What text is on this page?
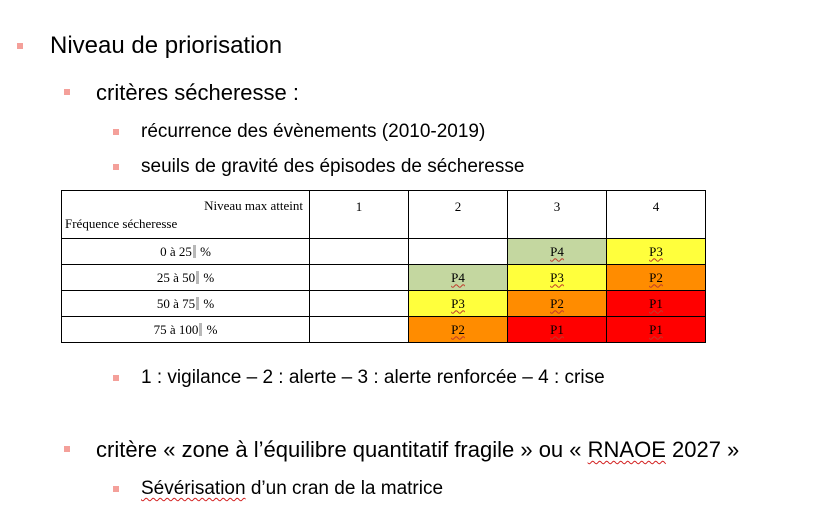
Niveau de priorisation
critères sécheresse :
récurrence des évènements (2010-2019)
seuils de gravité des épisodes de sécheresse
Niveau max atteint
Fréquence sécheresse	1	2	3	4

0 à 25 %			P4	P3
25 à 50 %		P4	P3	P2
50 à 75 %		P3	P2	P1
75 à 100 %		P2	P1	P1
1 : vigilance – 2 : alerte – 3 : alerte renforcée – 4 : crise
critère « zone à l’équilibre quantitatif fragile » ou « RNAOE 2027 »
Sévérisation d’un cran de la matrice
